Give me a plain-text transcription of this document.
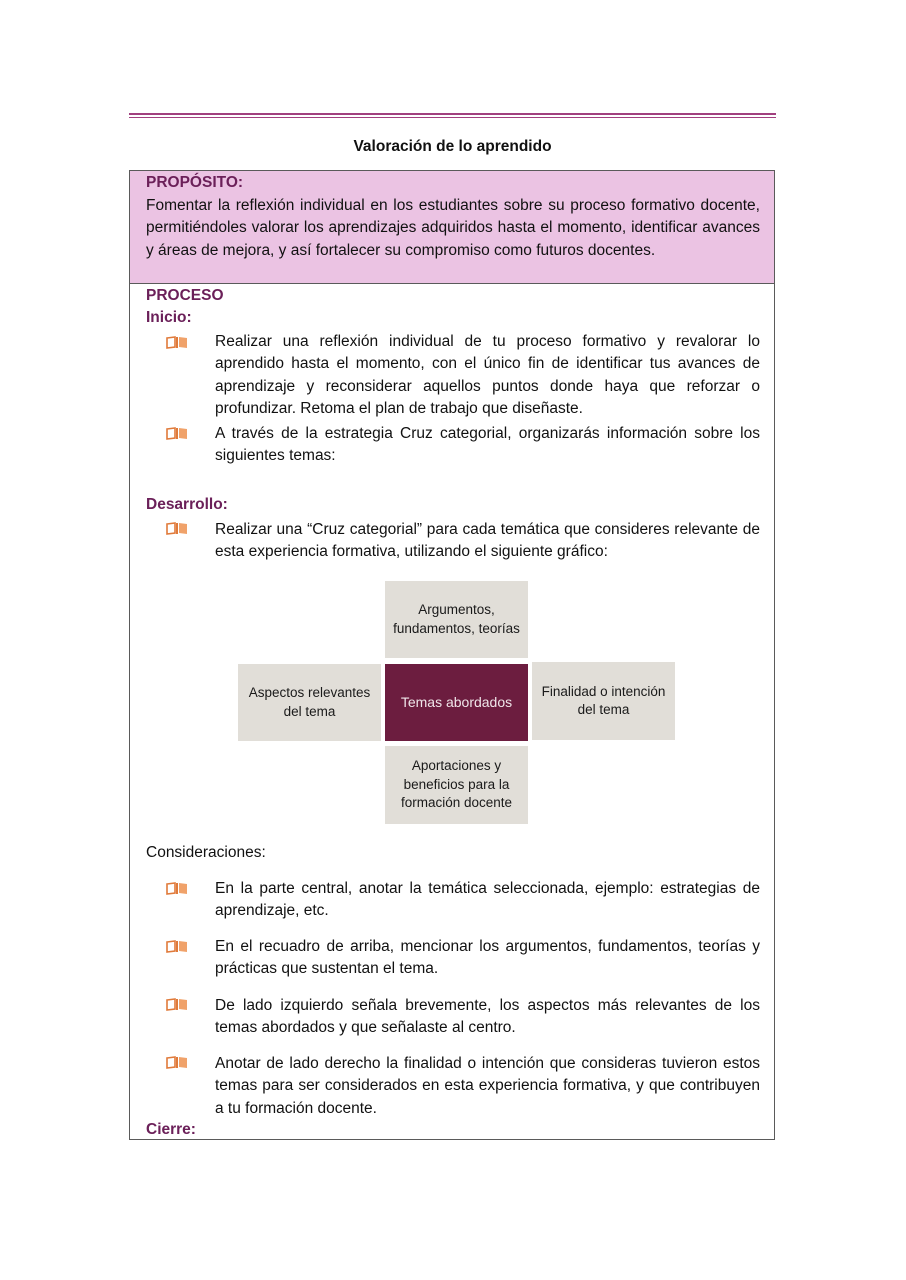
Valoración de lo aprendido
PROPÓSITO:
Fomentar la reflexión individual en los estudiantes sobre su proceso formativo docente, permitiéndoles valorar los aprendizajes adquiridos hasta el momento, identificar avances y áreas de mejora, y así fortalecer su compromiso como futuros docentes.
PROCESO
Inicio:
Realizar una reflexión individual de tu proceso formativo y revalorar lo aprendido hasta el momento, con el único fin de identificar tus avances de aprendizaje y reconsiderar aquellos puntos donde haya que reforzar o profundizar. Retoma el plan de trabajo que diseñaste.
A través de la estrategia Cruz categorial, organizarás información sobre los siguientes temas:
Desarrollo:
Realizar una “Cruz categorial” para cada temática que consideres relevante de esta experiencia formativa, utilizando el siguiente gráfico:
Argumentos, fundamentos, teorías
Aspectos relevantes del tema
Temas abordados
Finalidad o intención del tema
Aportaciones y beneficios para la formación docente
Consideraciones:
En la parte central, anotar la temática seleccionada, ejemplo: estrategias de aprendizaje, etc.
En el recuadro de arriba, mencionar los argumentos, fundamentos, teorías y prácticas que sustentan el tema.
De lado izquierdo señala brevemente, los aspectos más relevantes de los temas abordados y que señalaste al centro.
Anotar de lado derecho la finalidad o intención que consideras tuvieron estos temas para ser considerados en esta experiencia formativa, y que contribuyen a tu formación docente.
Cierre:
